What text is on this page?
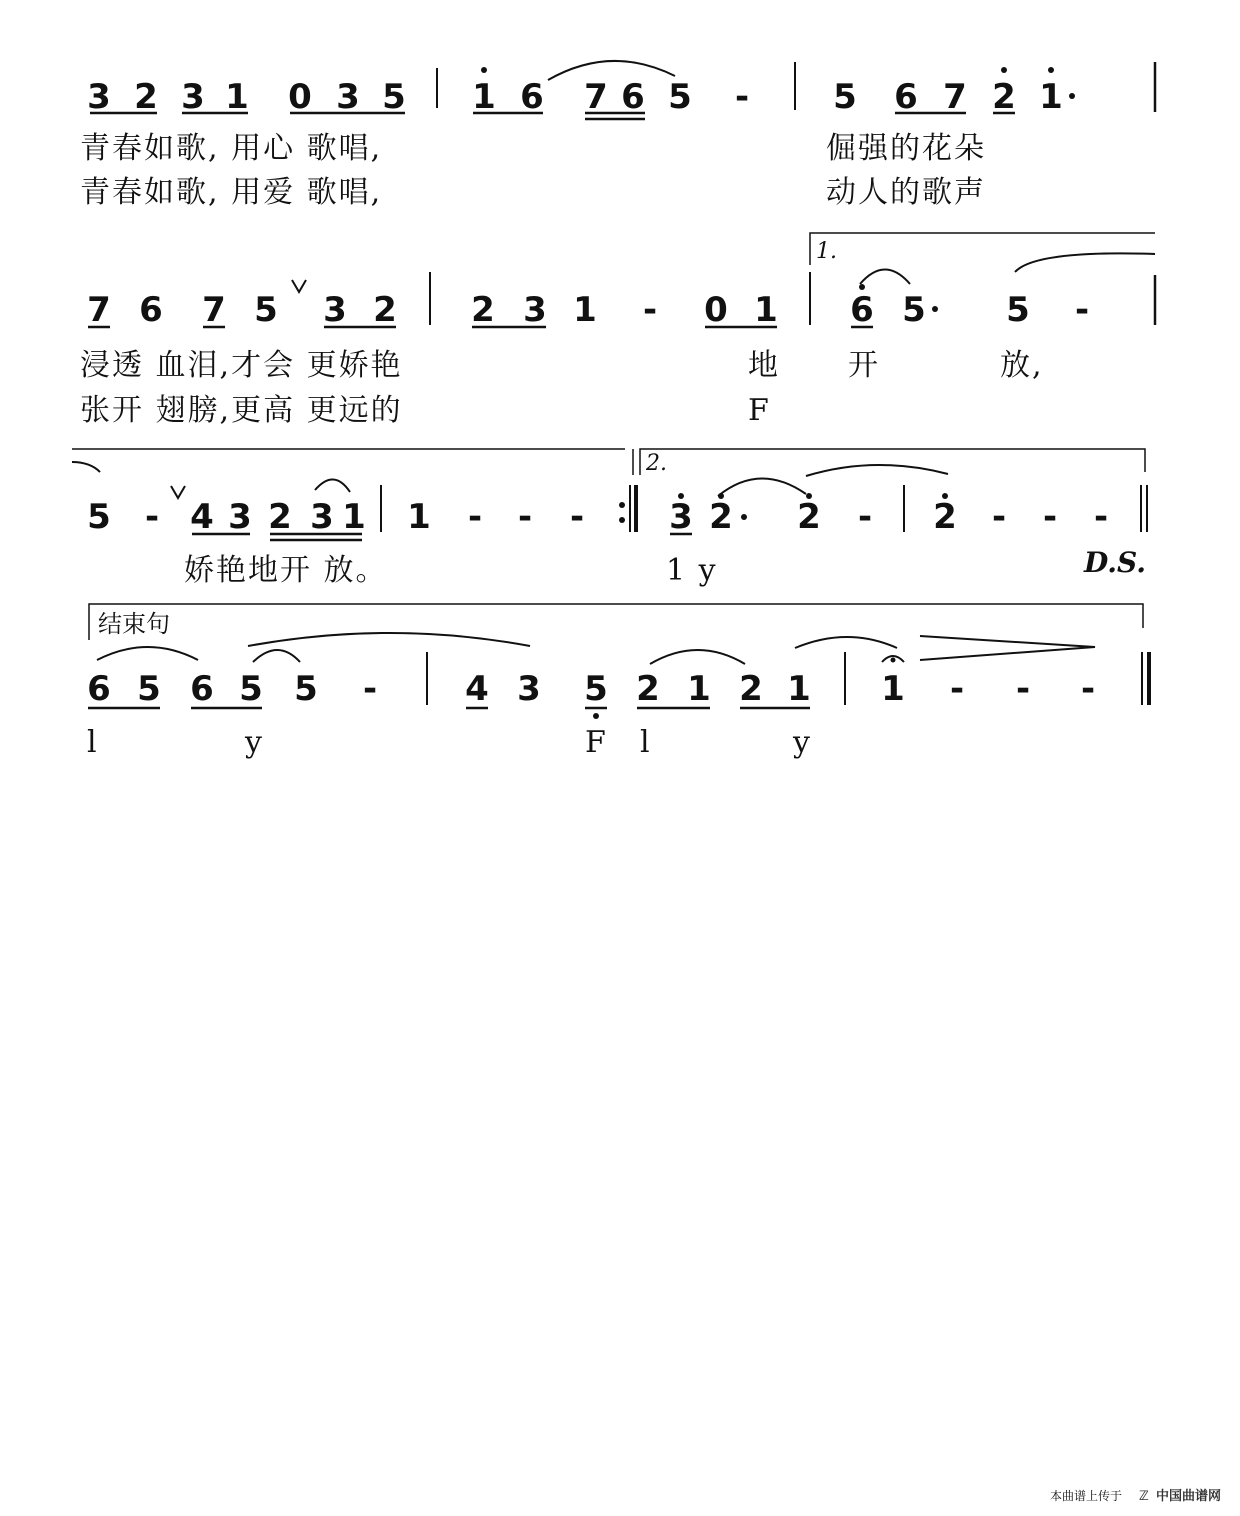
3 2 3 1 0 3 5 1 6 7 6 5 - 5 6 7 2 1
青春如歌, 用心 歌唱,	倔强的花朵
青春如歌, 用爱 歌唱,	动人的歌声
1.
7 6 7 5 3 2 2 3 1 - 0 1 6 5 5 -
浸透 血泪,才会 更娇艳	地 开	放,
张开 翅膀,更高 更远的	F
2.
5 - 4 3 2 3 1 1 - - -	3 2 2 - 2 - - -
娇艳地开 放。	1 y	D.S.
结束句
6 5 6 5 5 -	4 3 5 2 1 2 1 1 - - -
l	y	F l	y
本曲谱上传于 ℤ 中国曲谱网
